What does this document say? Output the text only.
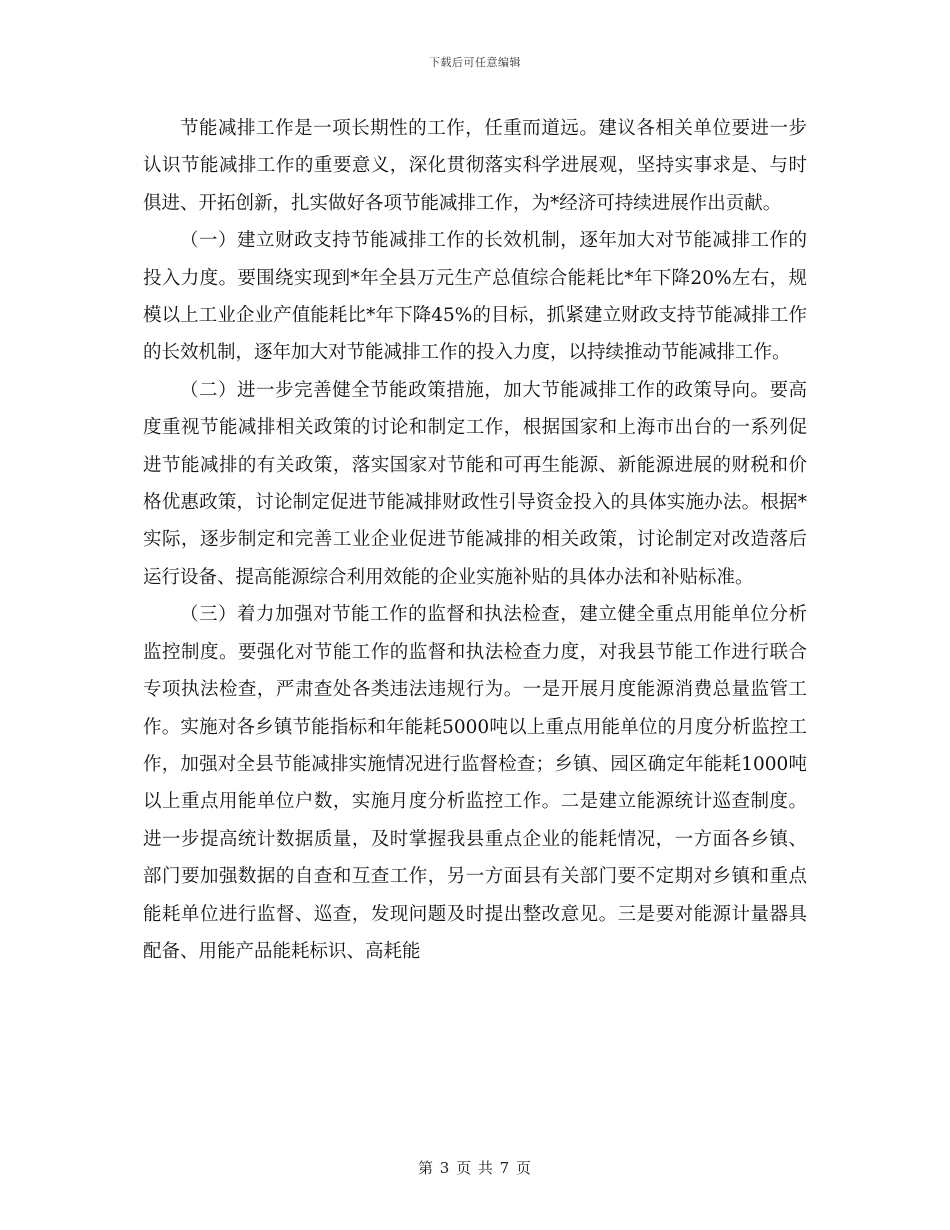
下载后可任意编辑

节能减排工作是一项长期性的工作，任重而道远。建议各相关单位要进一步认识节能减排工作的重要意义，深化贯彻落实科学进展观，坚持实事求是、与时俱进、开拓创新，扎实做好各项节能减排工作，为*经济可持续进展作出贡献。

（一）建立财政支持节能减排工作的长效机制，逐年加大对节能减排工作的投入力度。要围绕实现到*年全县万元生产总值综合能耗比*年下降20%左右，规模以上工业企业产值能耗比*年下降45%的目标，抓紧建立财政支持节能减排工作的长效机制，逐年加大对节能减排工作的投入力度，以持续推动节能减排工作。

（二）进一步完善健全节能政策措施，加大节能减排工作的政策导向。要高度重视节能减排相关政策的讨论和制定工作，根据国家和上海市出台的一系列促进节能减排的有关政策，落实国家对节能和可再生能源、新能源进展的财税和价格优惠政策，讨论制定促进节能减排财政性引导资金投入的具体实施办法。根据*实际，逐步制定和完善工业企业促进节能减排的相关政策，讨论制定对改造落后运行设备、提高能源综合利用效能的企业实施补贴的具体办法和补贴标准。

（三）着力加强对节能工作的监督和执法检查，建立健全重点用能单位分析监控制度。要强化对节能工作的监督和执法检查力度，对我县节能工作进行联合专项执法检查，严肃查处各类违法违规行为。一是开展月度能源消费总量监管工作。实施对各乡镇节能指标和年能耗5000吨以上重点用能单位的月度分析监控工作，加强对全县节能减排实施情况进行监督检查；乡镇、园区确定年能耗1000吨以上重点用能单位户数，实施月度分析监控工作。二是建立能源统计巡查制度。进一步提高统计数据质量，及时掌握我县重点企业的能耗情况，一方面各乡镇、部门要加强数据的自查和互查工作，另一方面县有关部门要不定期对乡镇和重点能耗单位进行监督、巡查，发现问题及时提出整改意见。三是要对能源计量器具配备、用能产品能耗标识、高耗能

第 3 页 共 7 页
